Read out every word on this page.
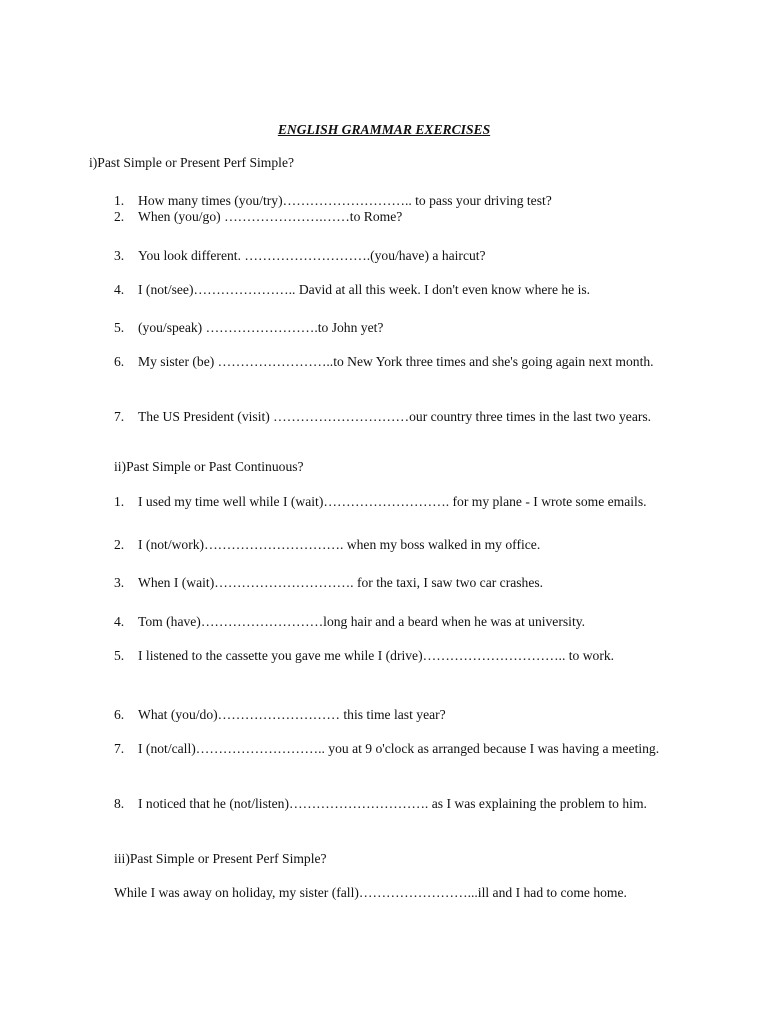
ENGLISH GRAMMAR EXERCISES

i)Past Simple or Present Perf Simple?

1.	How many times (you/try)……………………….. to pass your driving test?
2.	When (you/go) ………………….……to Rome?
3.	You look different. ……………………….(you/have) a haircut?
4.	I (not/see)………………….. David at all this week. I don't even know where he is.
5.	(you/speak) …………………….to John yet?
6.	My sister (be) ……………………..to New York three times and she's going again next month.
7.	The US President (visit) …………………………our country three times in the last two years.

ii)Past Simple or Past Continuous?

1.	I used my time well while I (wait)………………………. for my plane - I wrote some emails.
2.	I (not/work)…………………………. when my boss walked in my office.
3.	When I (wait)…………………………. for the taxi, I saw two car crashes.
4.	Tom (have)………………………long hair and a beard when he was at university.
5.	I listened to the cassette you gave me while I (drive)………………………….. to work.
6.	What (you/do)……………………… this time last year?
7.	I (not/call)……………………….. you at 9 o'clock as arranged because I was having a meeting.
8.	I noticed that he (not/listen)…………………………. as I was explaining the problem to him.

iii)Past Simple or Present Perf Simple?

While I was away on holiday, my sister (fall)……………………...ill and I had to come home.
